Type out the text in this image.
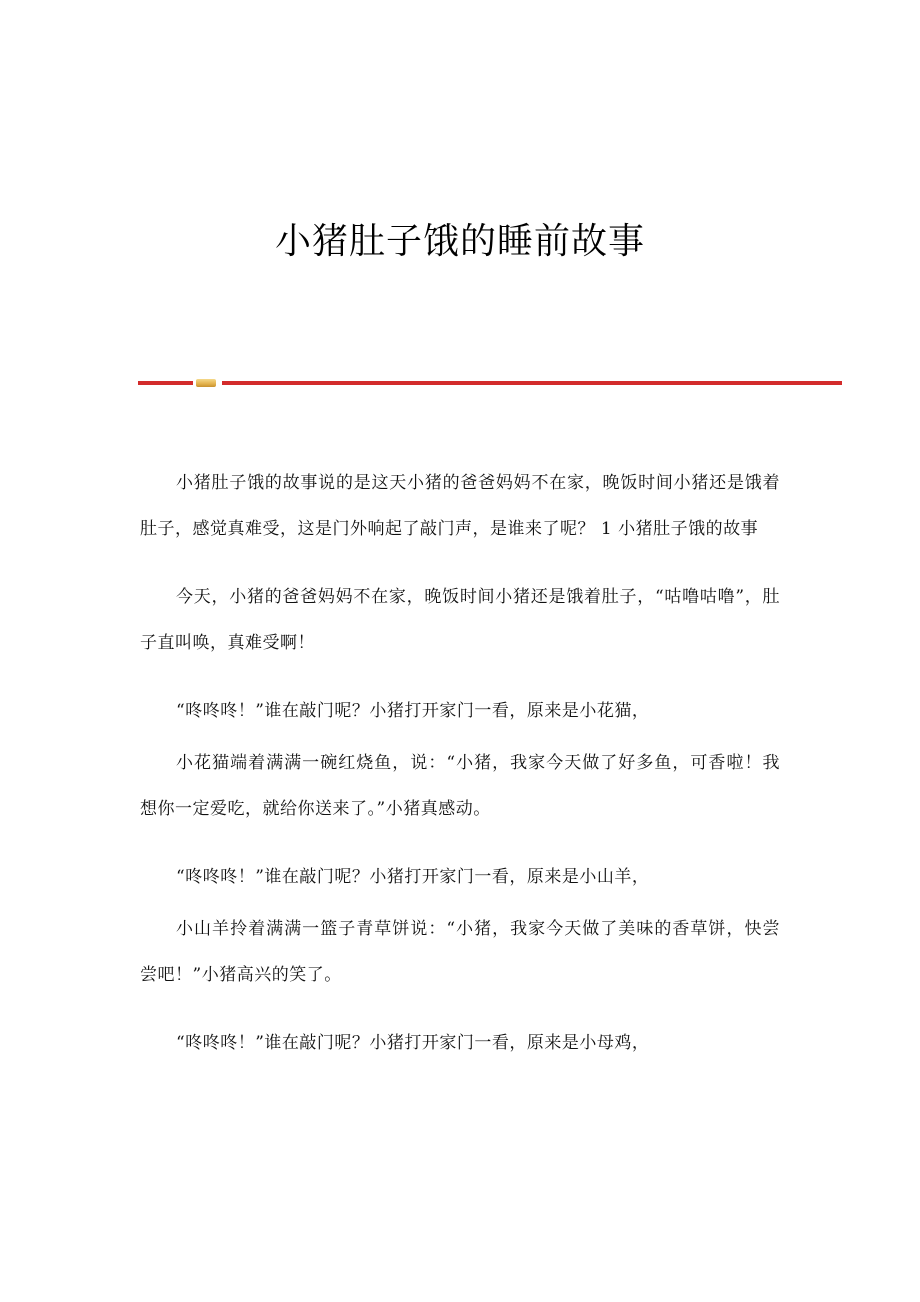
小猪肚子饿的睡前故事

小猪肚子饿的故事说的是这天小猪的爸爸妈妈不在家，晚饭时间小猪还是饿着肚子，感觉真难受，这是门外响起了敲门声，是谁来了呢？ 1 小猪肚子饿的故事

今天，小猪的爸爸妈妈不在家，晚饭时间小猪还是饿着肚子，“咕噜咕噜”，肚子直叫唤，真难受啊！

“咚咚咚！”谁在敲门呢？小猪打开家门一看，原来是小花猫，

小花猫端着满满一碗红烧鱼，说：“小猪，我家今天做了好多鱼，可香啦！我想你一定爱吃，就给你送来了。”小猪真感动。

“咚咚咚！”谁在敲门呢？小猪打开家门一看，原来是小山羊，

小山羊拎着满满一篮子青草饼说：“小猪，我家今天做了美味的香草饼，快尝尝吧！”小猪高兴的笑了。

“咚咚咚！”谁在敲门呢？小猪打开家门一看，原来是小母鸡，
